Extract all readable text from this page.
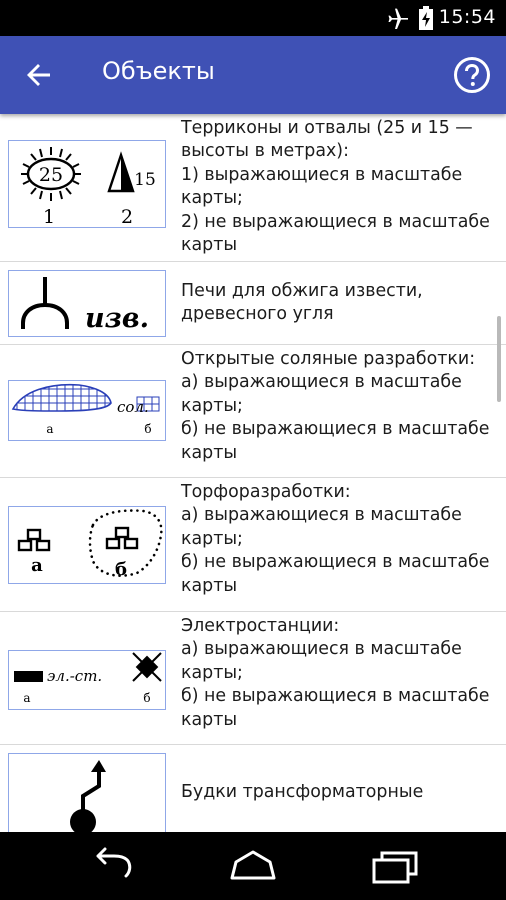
15:54
Объекты
25	15
1	2
Терриконы и отвалы (25 и 15 —
высоты в метрах):
1) выражающиеся в масштабе
карты;
2) не выражающиеся в масштабе
карты
изв.
Печи для обжига извести,
древесного угля
сол.
а	б
Открытые соляные разработки:
а) выражающиеся в масштабе
карты;
б) не выражающиеся в масштабе
карты
а	б
Торфоразработки:
а) выражающиеся в масштабе
карты;
б) не выражающиеся в масштабе
карты
эл.-ст.
а	б
Электростанции:
а) выражающиеся в масштабе
карты;
б) не выражающиеся в масштабе
карты
Будки трансформаторные
